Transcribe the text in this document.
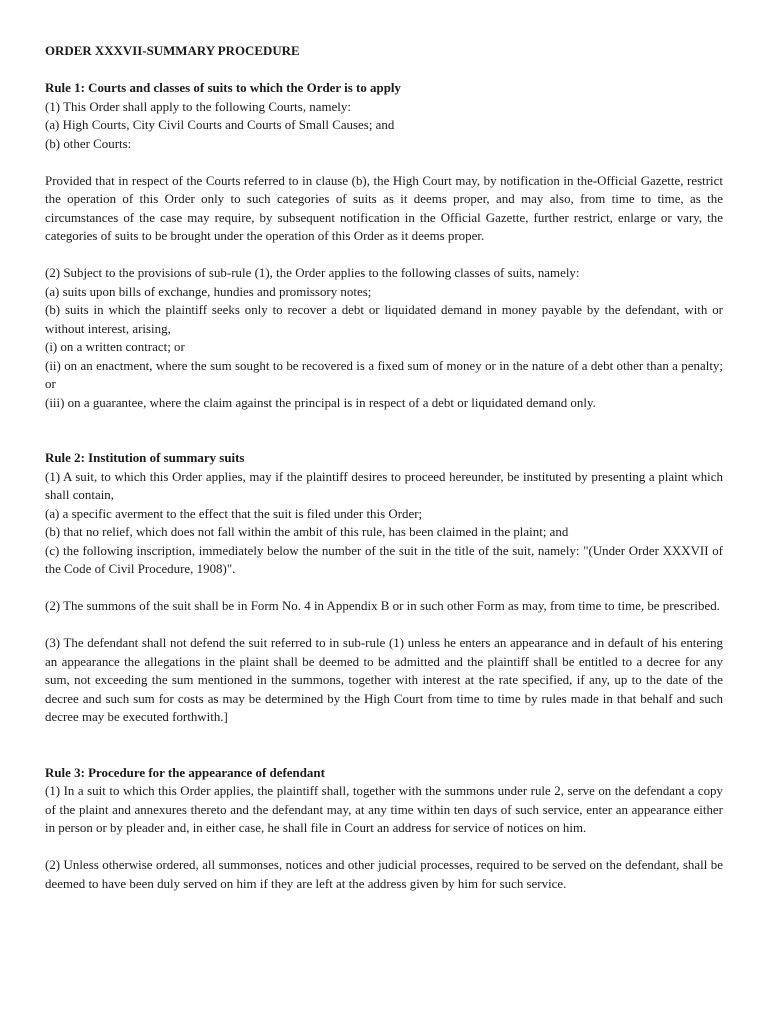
ORDER XXXVII-SUMMARY PROCEDURE

Rule 1: Courts and classes of suits to which the Order is to apply

(1) This Order shall apply to the following Courts, namely:

(a) High Courts, City Civil Courts and Courts of Small Causes; and

(b) other Courts:

Provided that in respect of the Courts referred to in clause (b), the High Court may, by notification in the-Official Gazette, restrict the operation of this Order only to such categories of suits as it deems proper, and may also, from time to time, as the circumstances of the case may require, by subsequent notification in the Official Gazette, further restrict, enlarge or vary, the categories of suits to be brought under the operation of this Order as it deems proper.

(2) Subject to the provisions of sub-rule (1), the Order applies to the following classes of suits, namely:

(a) suits upon bills of exchange, hundies and promissory notes;

(b) suits in which the plaintiff seeks only to recover a debt or liquidated demand in money payable by the defendant, with or without interest, arising,

(i) on a written contract; or

(ii) on an enactment, where the sum sought to be recovered is a fixed sum of money or in the nature of a debt other than a penalty; or

(iii) on a guarantee, where the claim against the principal is in respect of a debt or liquidated demand only.

Rule 2: Institution of summary suits

(1) A suit, to which this Order applies, may if the plaintiff desires to proceed hereunder, be instituted by presenting a plaint which shall contain,

(a) a specific averment to the effect that the suit is filed under this Order;

(b) that no relief, which does not fall within the ambit of this rule, has been claimed in the plaint; and

(c) the following inscription, immediately below the number of the suit in the title of the suit, namely: "(Under Order XXXVII of the Code of Civil Procedure, 1908)".

(2) The summons of the suit shall be in Form No. 4 in Appendix B or in such other Form as may, from time to time, be prescribed.

(3) The defendant shall not defend the suit referred to in sub-rule (1) unless he enters an appearance and in default of his entering an appearance the allegations in the plaint shall be deemed to be admitted and the plaintiff shall be entitled to a decree for any sum, not exceeding the sum mentioned in the summons, together with interest at the rate specified, if any, up to the date of the decree and such sum for costs as may be determined by the High Court from time to time by rules made in that behalf and such decree may be executed forthwith.]

Rule 3: Procedure for the appearance of defendant

(1) In a suit to which this Order applies, the plaintiff shall, together with the summons under rule 2, serve on the defendant a copy of the plaint and annexures thereto and the defendant may, at any time within ten days of such service, enter an appearance either in person or by pleader and, in either case, he shall file in Court an address for service of notices on him.

(2) Unless otherwise ordered, all summonses, notices and other judicial processes, required to be served on the defendant, shall be deemed to have been duly served on him if they are left at the address given by him for such service.
